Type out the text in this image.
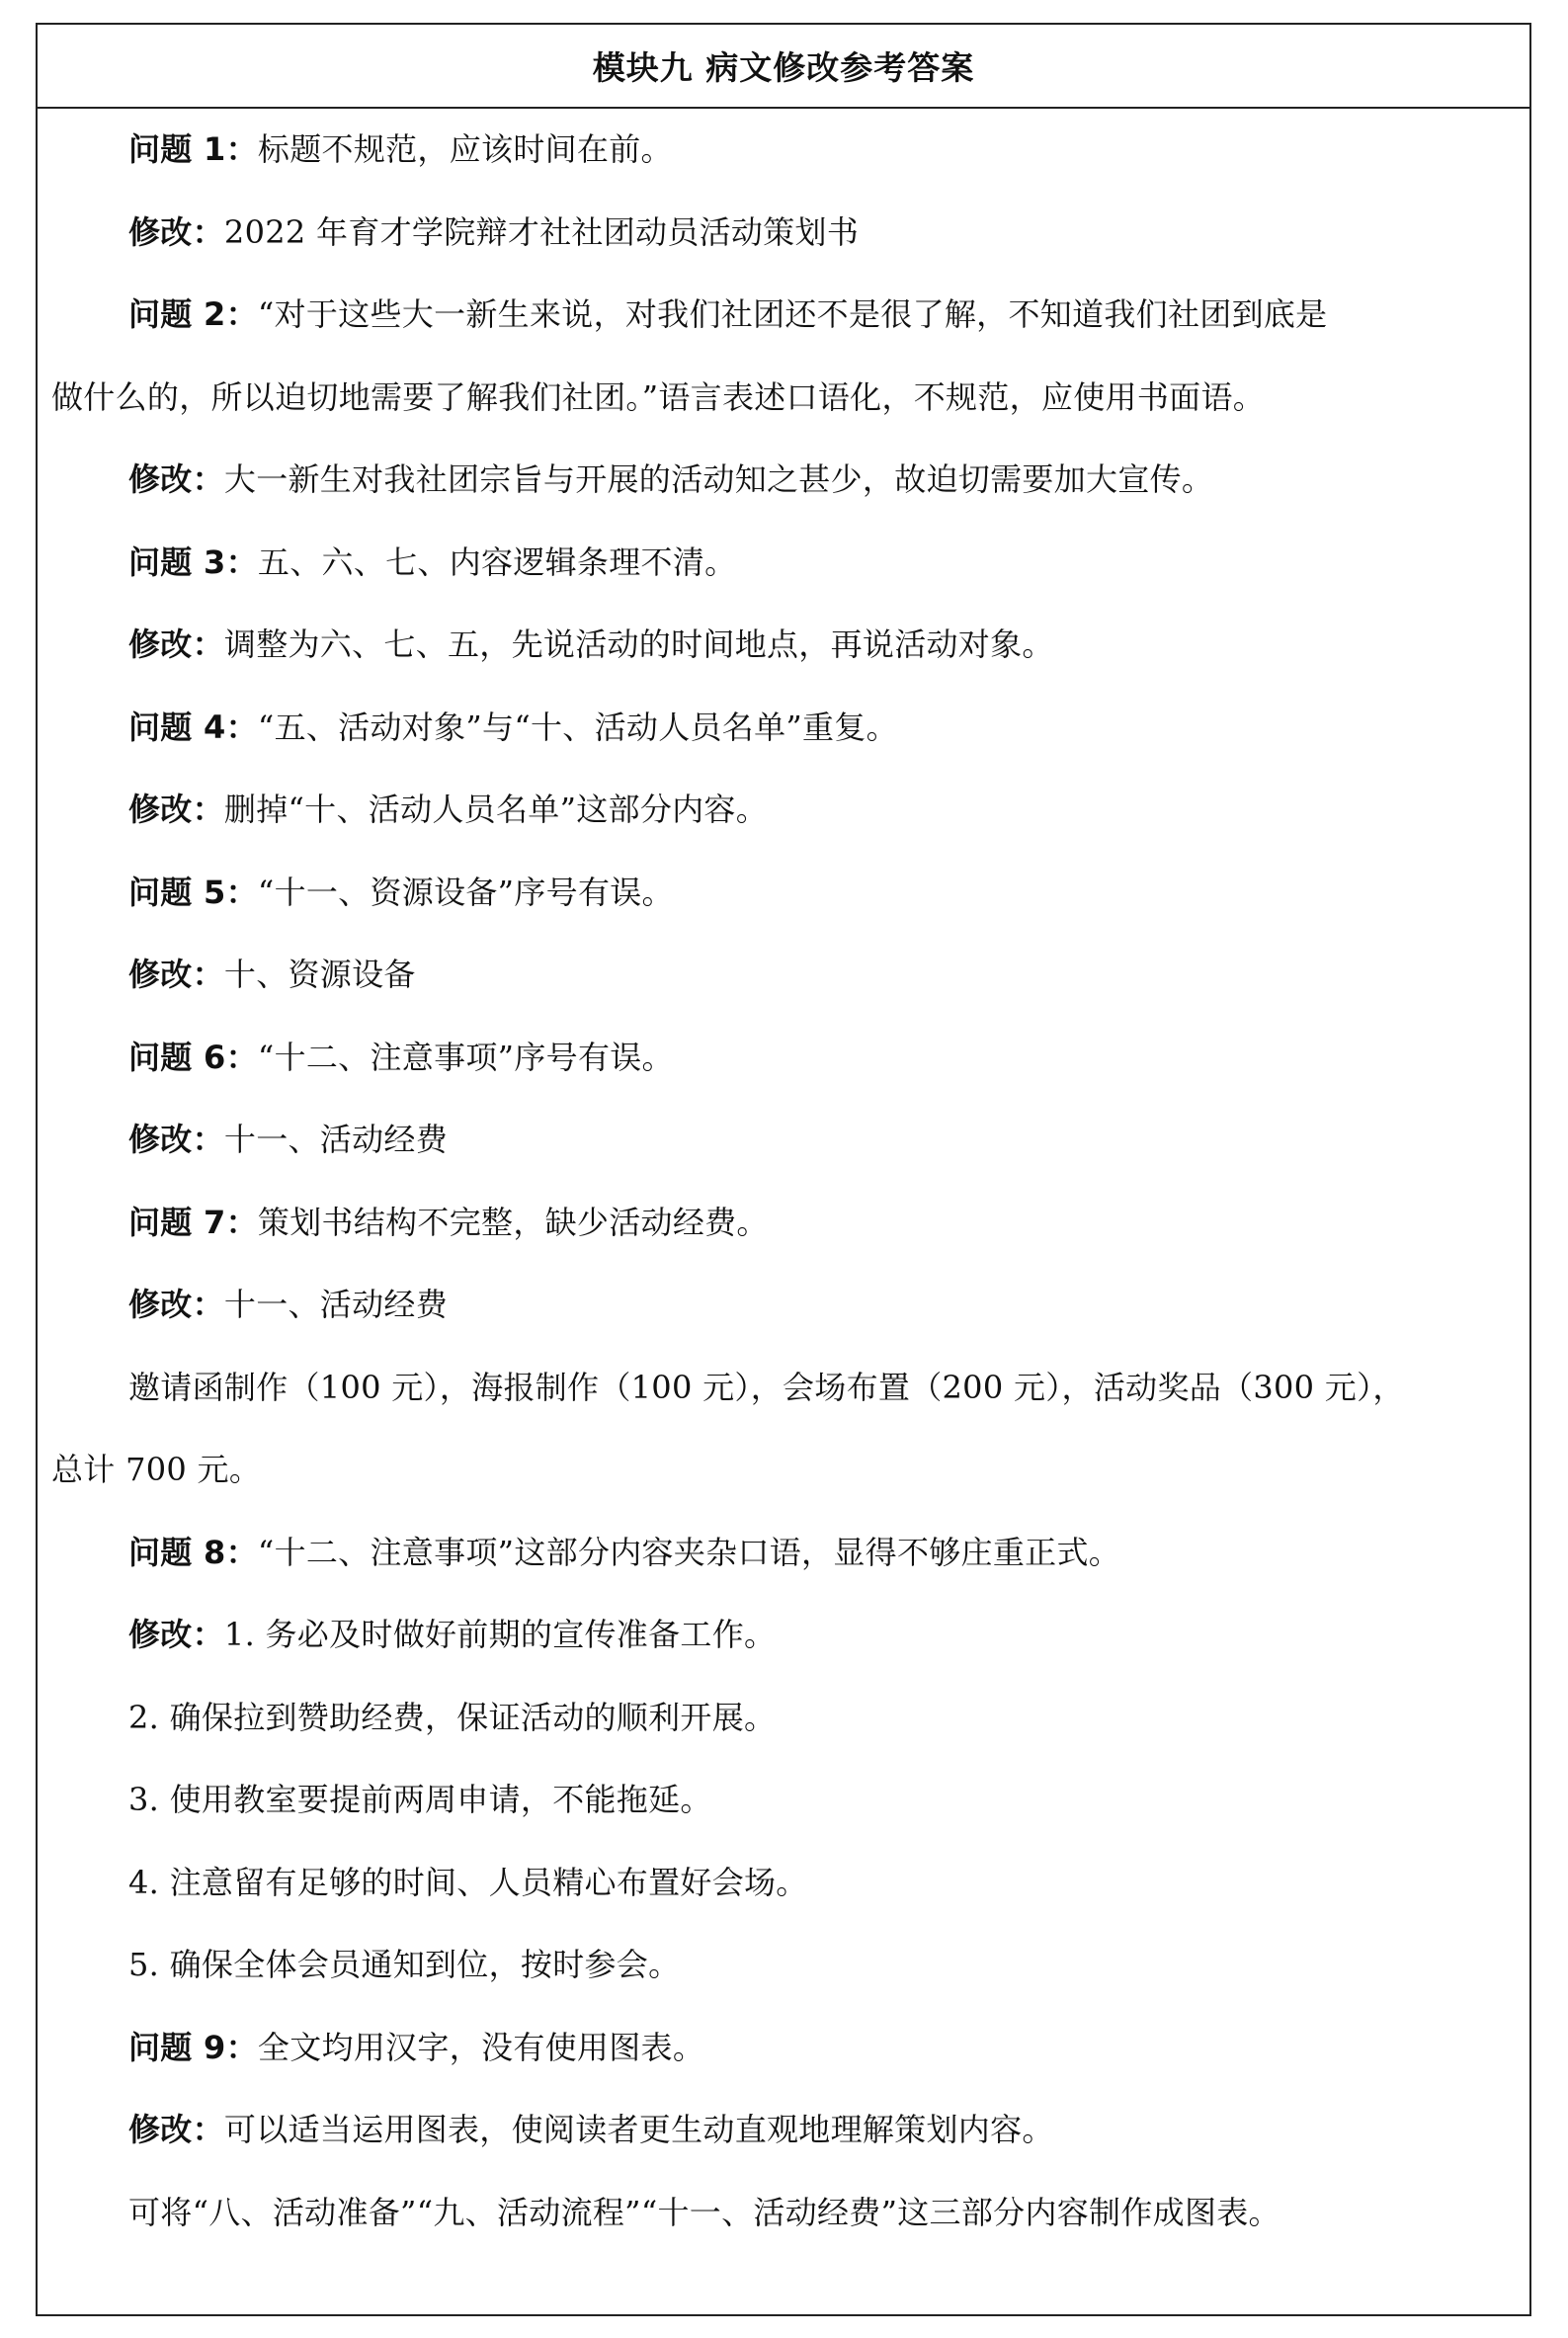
模块九 病文修改参考答案
问题 1：标题不规范，应该时间在前。
修改：2022 年育才学院辩才社社团动员活动策划书
问题 2：“对于这些大一新生来说，对我们社团还不是很了解，不知道我们社团到底是
做什么的，所以迫切地需要了解我们社团。”语言表述口语化，不规范，应使用书面语。
修改：大一新生对我社团宗旨与开展的活动知之甚少，故迫切需要加大宣传。
问题 3：五、六、七、内容逻辑条理不清。
修改：调整为六、七、五，先说活动的时间地点，再说活动对象。
问题 4：“五、活动对象”与“十、活动人员名单”重复。
修改：删掉“十、活动人员名单”这部分内容。
问题 5：“十一、资源设备”序号有误。
修改：十、资源设备
问题 6：“十二、注意事项”序号有误。
修改：十一、活动经费
问题 7：策划书结构不完整，缺少活动经费。
修改：十一、活动经费
邀请函制作（100 元），海报制作（100 元），会场布置（200 元），活动奖品（300 元），
总计 700 元。
问题 8：“十二、注意事项”这部分内容夹杂口语，显得不够庄重正式。
修改：1. 务必及时做好前期的宣传准备工作。
2. 确保拉到赞助经费，保证活动的顺利开展。
3. 使用教室要提前两周申请，不能拖延。
4. 注意留有足够的时间、人员精心布置好会场。
5. 确保全体会员通知到位，按时参会。
问题 9：全文均用汉字，没有使用图表。
修改：可以适当运用图表，使阅读者更生动直观地理解策划内容。
可将“八、活动准备”“九、活动流程”“十一、活动经费”这三部分内容制作成图表。
